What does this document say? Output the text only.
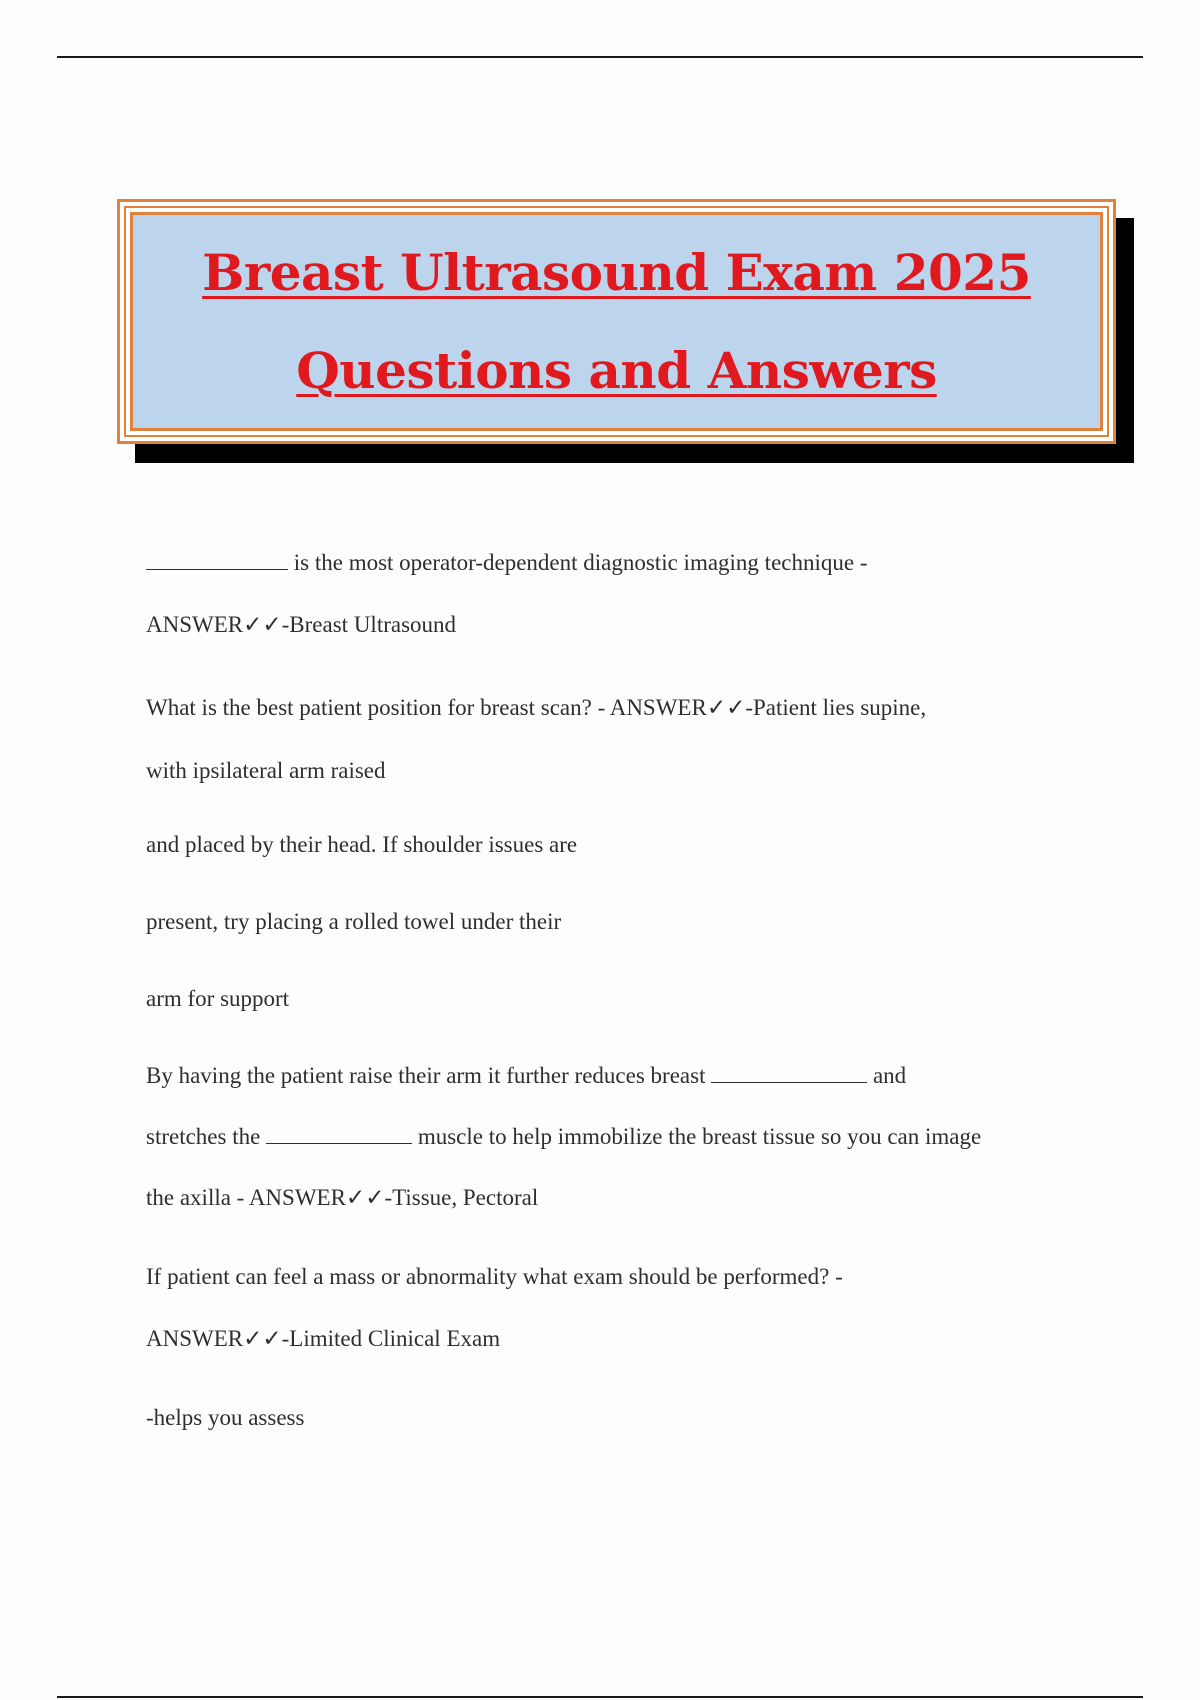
Breast Ultrasound Exam 2025

Questions and Answers

is the most operator-dependent diagnostic imaging technique -
ANSWER✓✓-Breast Ultrasound
What is the best patient position for breast scan? - ANSWER✓✓-Patient lies supine,
with ipsilateral arm raised
and placed by their head. If shoulder issues are
present, try placing a rolled towel under their
arm for support
By having the patient raise their arm it further reduces breast	and
stretches the	muscle to help immobilize the breast tissue so you can image
the axilla - ANSWER✓✓-Tissue, Pectoral
If patient can feel a mass or abnormality what exam should be performed? -
ANSWER✓✓-Limited Clinical Exam
-helps you assess
